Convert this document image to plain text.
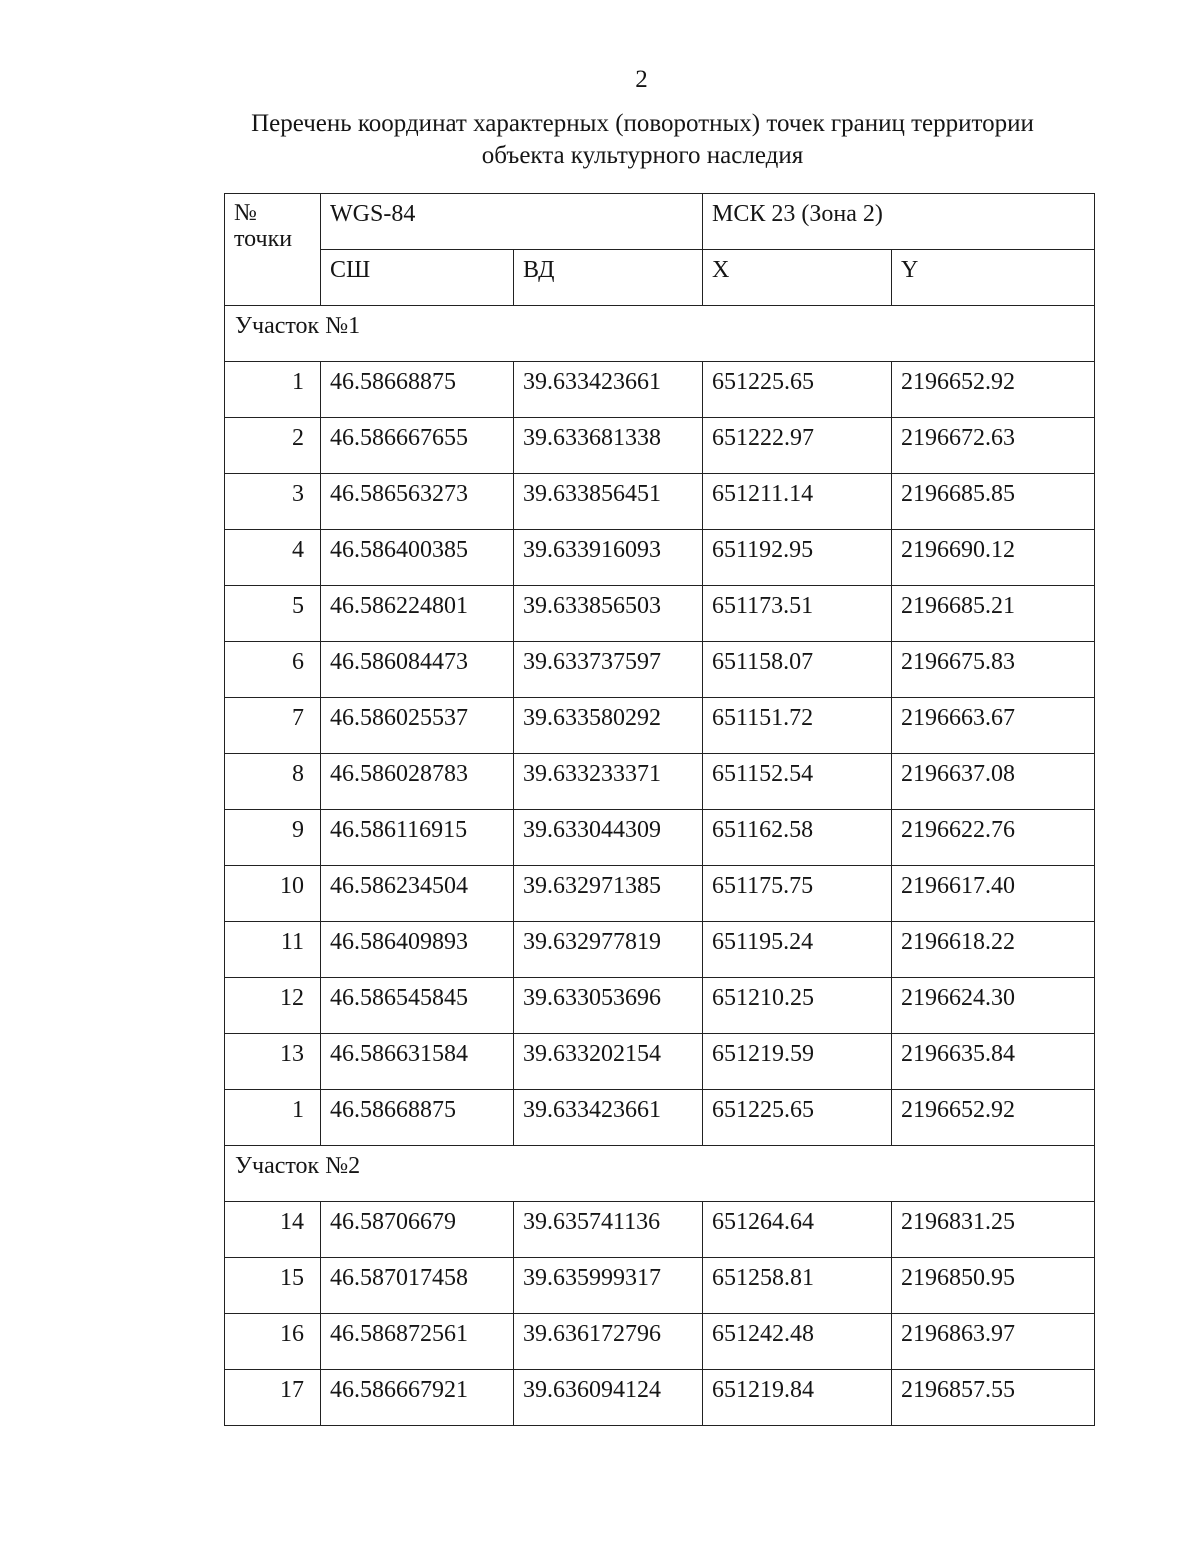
2
Перечень координат характерных (поворотных) точек границ территории
объекта культурного наследия
№ точки	WGS-84		МСК 23 (Зона 2)	
	СШ	ВД	X	Y
Участок №1				
1	46.58668875	39.633423661	651225.65	2196652.92
2	46.586667655	39.633681338	651222.97	2196672.63
3	46.586563273	39.633856451	651211.14	2196685.85
4	46.586400385	39.633916093	651192.95	2196690.12
5	46.586224801	39.633856503	651173.51	2196685.21
6	46.586084473	39.633737597	651158.07	2196675.83
7	46.586025537	39.633580292	651151.72	2196663.67
8	46.586028783	39.633233371	651152.54	2196637.08
9	46.586116915	39.633044309	651162.58	2196622.76
10	46.586234504	39.632971385	651175.75	2196617.40
11	46.586409893	39.632977819	651195.24	2196618.22
12	46.586545845	39.633053696	651210.25	2196624.30
13	46.586631584	39.633202154	651219.59	2196635.84
1	46.58668875	39.633423661	651225.65	2196652.92
Участок №2				
14	46.58706679	39.635741136	651264.64	2196831.25
15	46.587017458	39.635999317	651258.81	2196850.95
16	46.586872561	39.636172796	651242.48	2196863.97
17	46.586667921	39.636094124	651219.84	2196857.55
